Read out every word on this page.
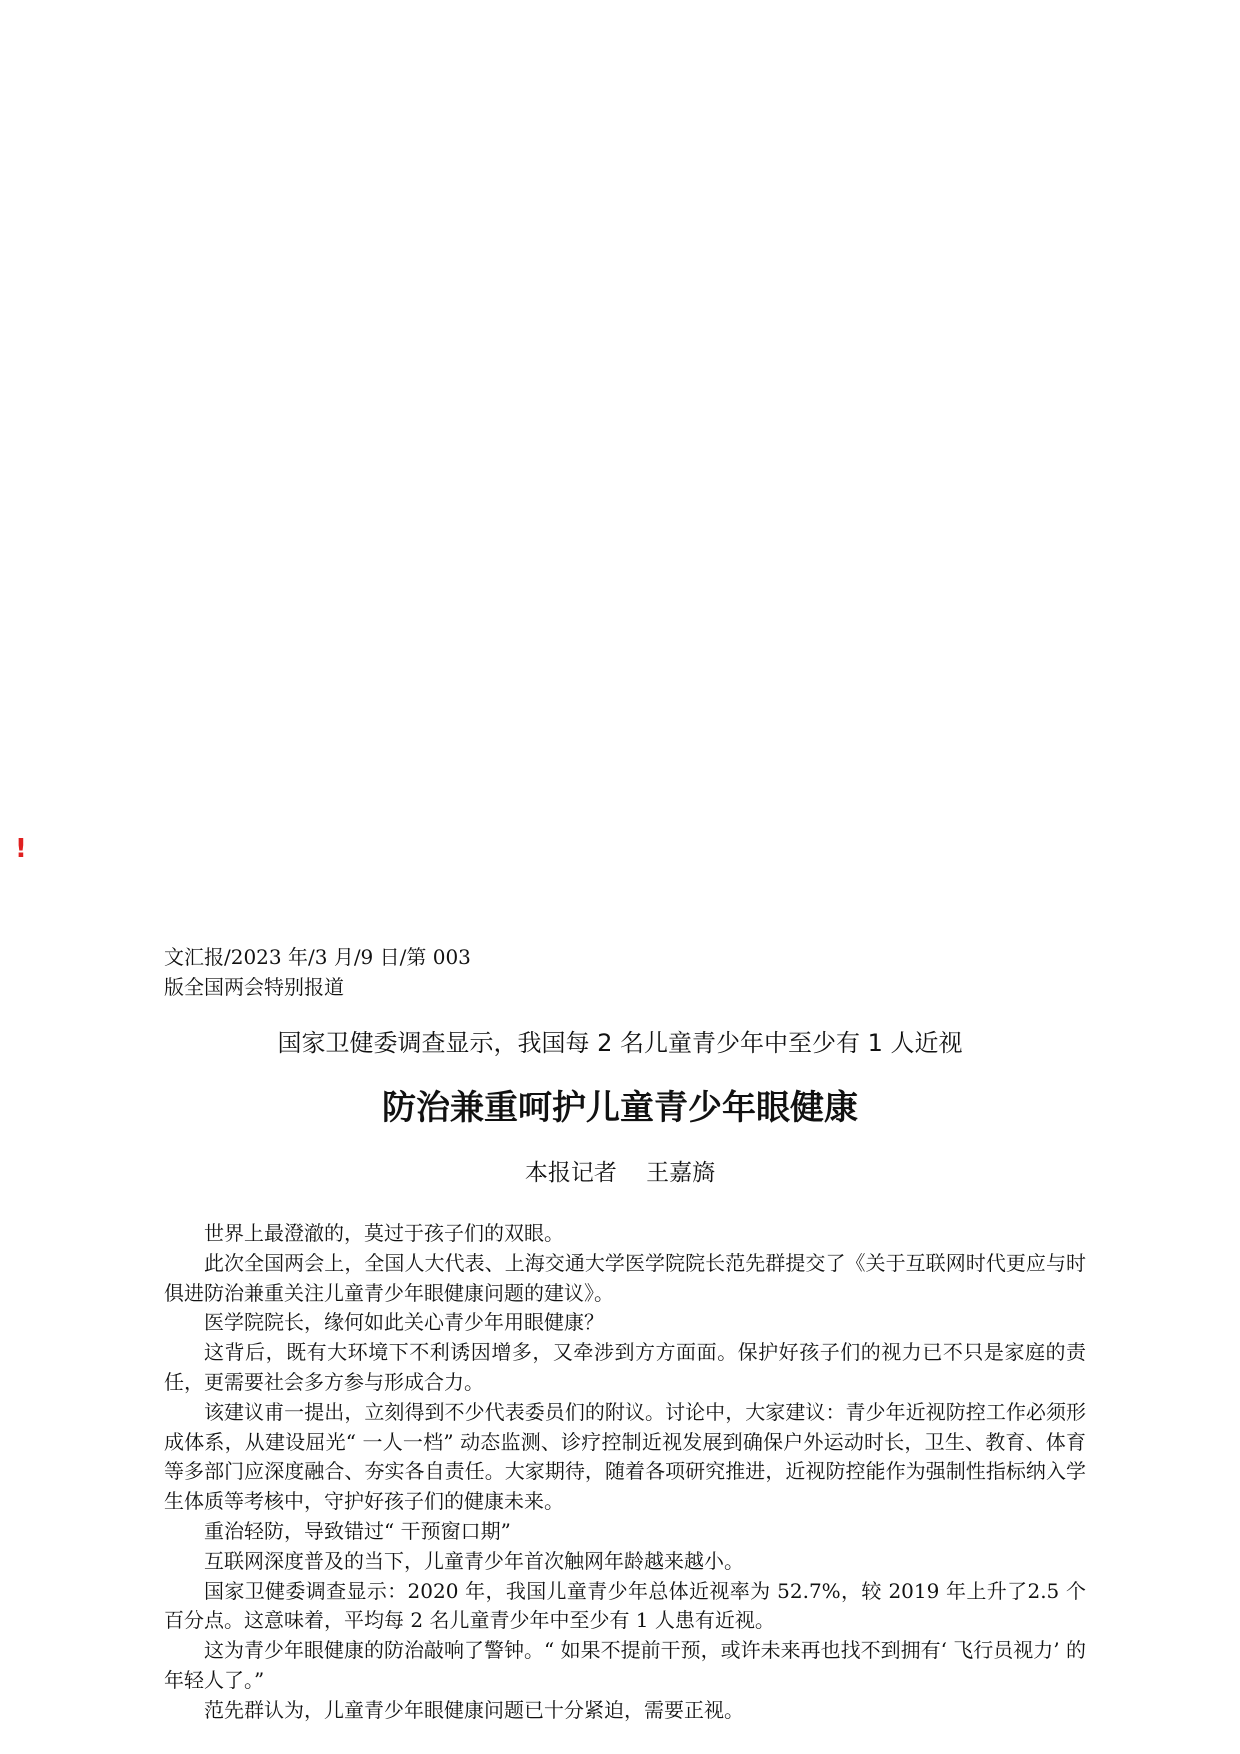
!
文汇报/2023 年/3 月/9 日/第 003
版全国两会特别报道
国家卫健委调查显示，我国每 2 名儿童青少年中至少有 1 人近视
防治兼重呵护儿童青少年眼健康
本报记者    王嘉旖

世界上最澄澈的，莫过于孩子们的双眼。

此次全国两会上，全国人大代表、上海交通大学医学院院长范先群提交了《关于互联网时代更应与时俱进防治兼重关注儿童青少年眼健康问题的建议》。

医学院院长，缘何如此关心青少年用眼健康？

这背后，既有大环境下不利诱因增多，又牵涉到方方面面。保护好孩子们的视力已不只是家庭的责任，更需要社会多方参与形成合力。

该建议甫一提出，立刻得到不少代表委员们的附议。讨论中，大家建议：青少年近视防控工作必须形成体系，从建设屈光“ 一人一档” 动态监测、诊疗控制近视发展到确保户外运动时长，卫生、教育、体育等多部门应深度融合、夯实各自责任。大家期待，随着各项研究推进，近视防控能作为强制性指标纳入学生体质等考核中，守护好孩子们的健康未来。

重治轻防，导致错过“ 干预窗口期”

互联网深度普及的当下，儿童青少年首次触网年龄越来越小。

国家卫健委调查显示：2020 年，我国儿童青少年总体近视率为 52.7%，较 2019 年上升了2.5 个百分点。这意味着，平均每 2 名儿童青少年中至少有 1 人患有近视。

这为青少年眼健康的防治敲响了警钟。“ 如果不提前干预，或许未来再也找不到拥有‘ 飞行员视力’ 的年轻人了。”

范先群认为，儿童青少年眼健康问题已十分紧迫，需要正视。
